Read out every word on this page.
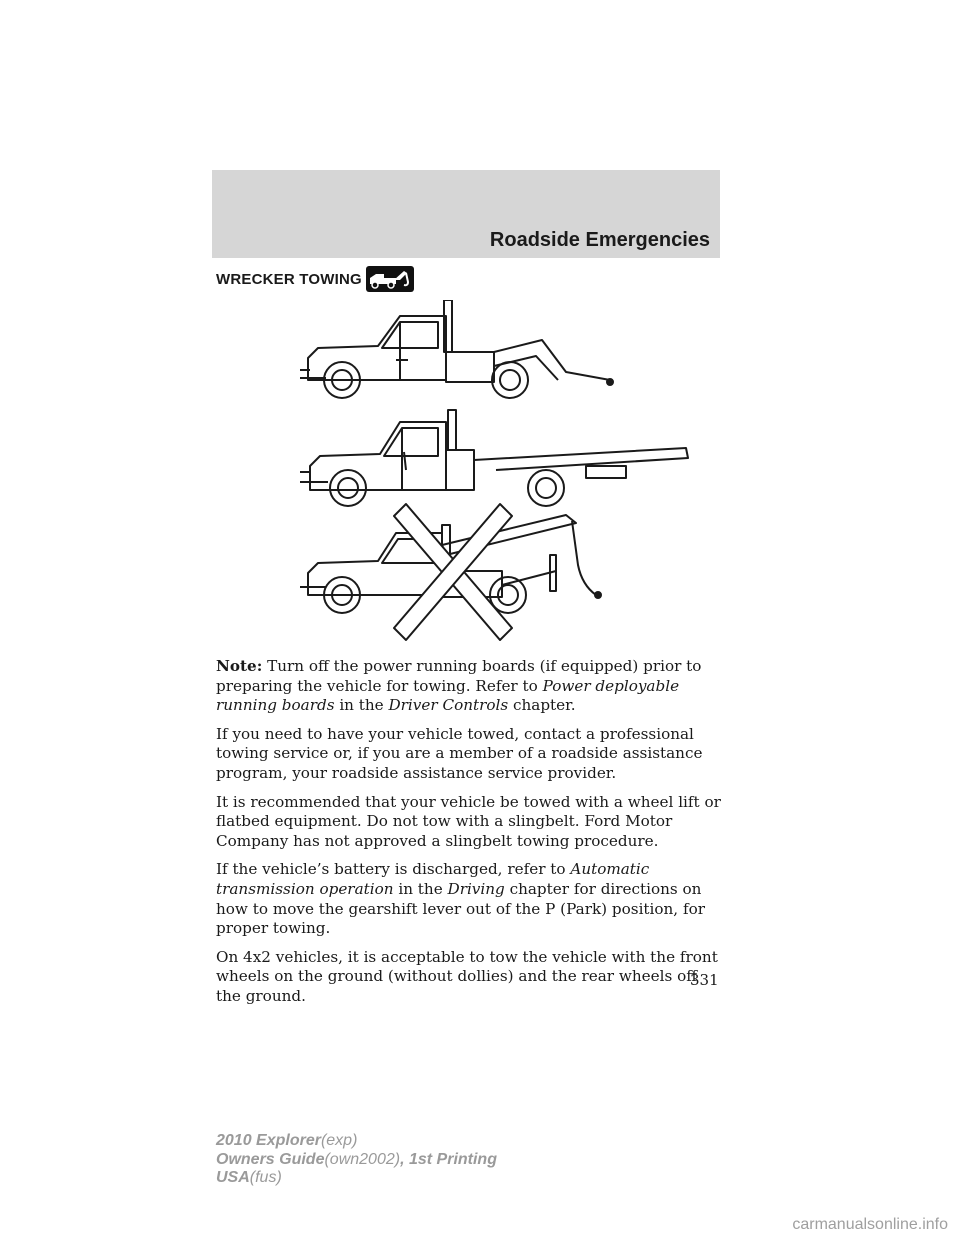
Roadside Emergencies
WRECKER TOWING

Note: Turn off the power running boards (if equipped) prior to preparing the vehicle for towing. Refer to Power deployable running boards in the Driver Controls chapter.

If you need to have your vehicle towed, contact a professional towing service or, if you are a member of a roadside assistance program, your roadside assistance service provider.

It is recommended that your vehicle be towed with a wheel lift or flatbed equipment. Do not tow with a slingbelt. Ford Motor Company has not approved a slingbelt towing procedure.

If the vehicle’s battery is discharged, refer to Automatic transmission operation in the Driving chapter for directions on how to move the gearshift lever out of the P (Park) position, for proper towing.

On 4x2 vehicles, it is acceptable to tow the vehicle with the front wheels on the ground (without dollies) and the rear wheels off the ground.

331
2010 Explorer(exp)
Owners Guide(own2002), 1st Printing
USA(fus)
carmanualsonline.info
